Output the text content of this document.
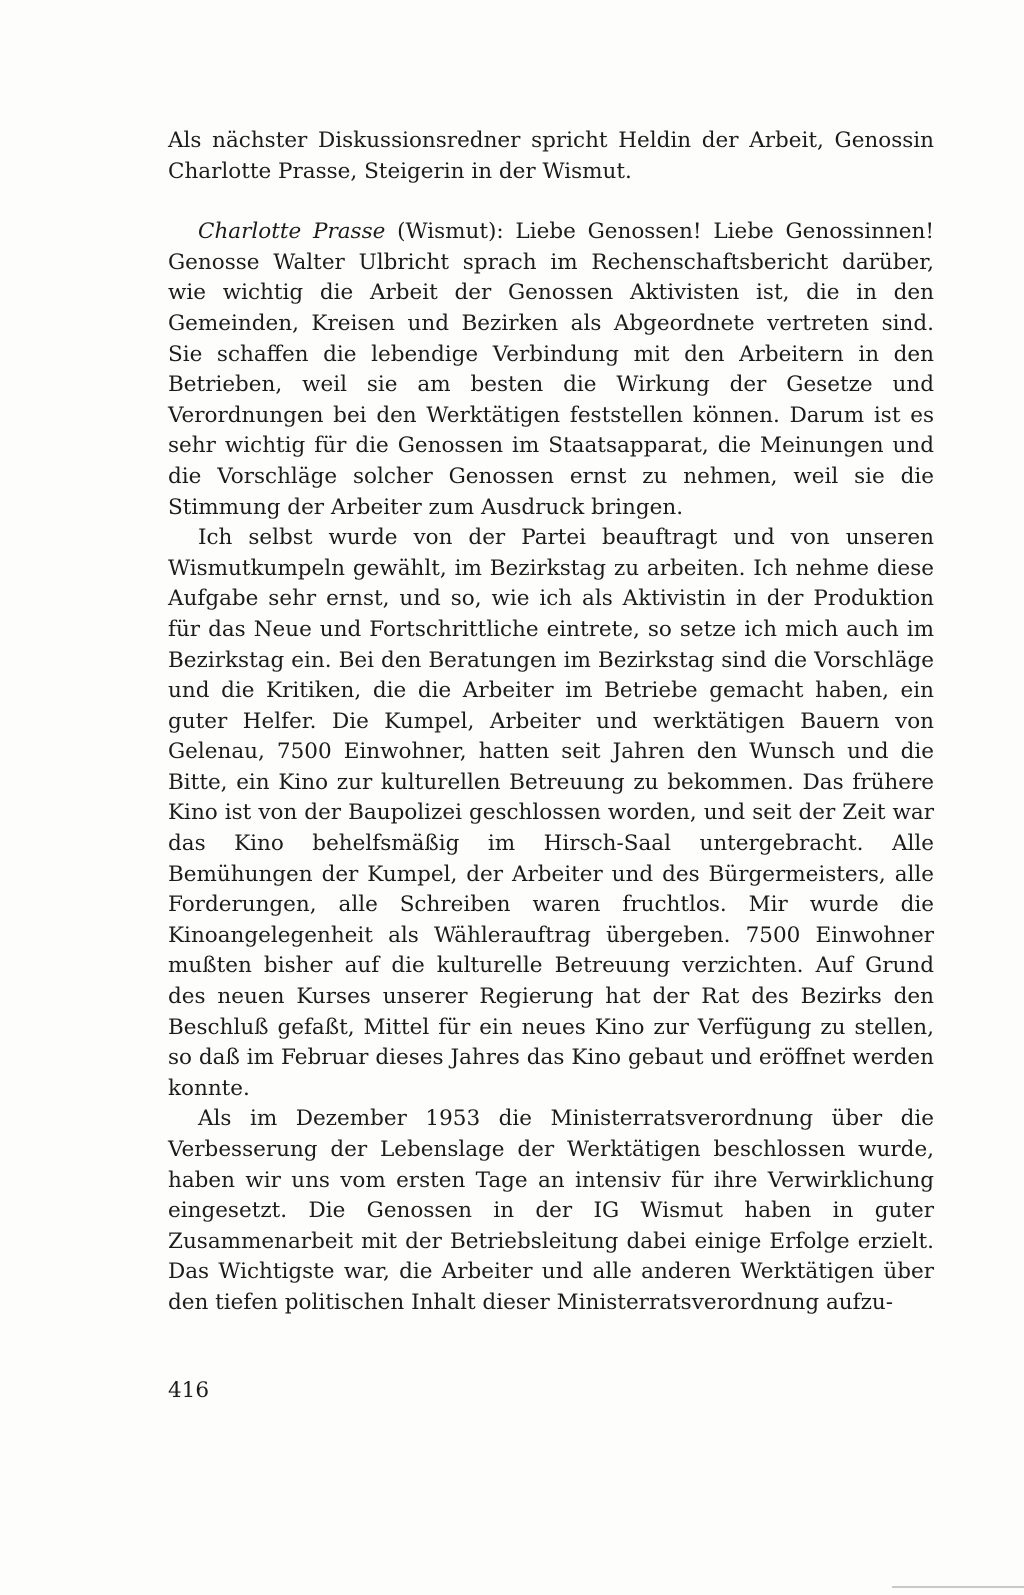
Als nächster Diskussionsredner spricht Heldin der Arbeit, Genossin Charlotte Prasse, Steigerin in der Wismut.

Charlotte Prasse (Wismut): Liebe Genossen! Liebe Genossinnen! Genosse Walter Ulbricht sprach im Rechenschaftsbericht darüber, wie wichtig die Arbeit der Genossen Aktivisten ist, die in den Gemeinden, Kreisen und Bezirken als Abgeordnete vertreten sind. Sie schaffen die lebendige Verbindung mit den Arbeitern in den Betrieben, weil sie am besten die Wirkung der Gesetze und Verordnungen bei den Werktätigen feststellen können. Darum ist es sehr wichtig für die Genossen im Staatsapparat, die Meinungen und die Vorschläge solcher Genossen ernst zu nehmen, weil sie die Stimmung der Arbeiter zum Ausdruck bringen.

Ich selbst wurde von der Partei beauftragt und von unseren Wismutkumpeln gewählt, im Bezirkstag zu arbeiten. Ich nehme diese Aufgabe sehr ernst, und so, wie ich als Aktivistin in der Produktion für das Neue und Fortschrittliche eintrete, so setze ich mich auch im Bezirkstag ein. Bei den Beratungen im Bezirkstag sind die Vorschläge und die Kritiken, die die Arbeiter im Betriebe gemacht haben, ein guter Helfer. Die Kumpel, Arbeiter und werktätigen Bauern von Gelenau, 7500 Einwohner, hatten seit Jahren den Wunsch und die Bitte, ein Kino zur kulturellen Betreuung zu bekommen. Das frühere Kino ist von der Baupolizei geschlossen worden, und seit der Zeit war das Kino behelfsmäßig im Hirsch-Saal untergebracht. Alle Bemühungen der Kumpel, der Arbeiter und des Bürgermeisters, alle Forderungen, alle Schreiben waren fruchtlos. Mir wurde die Kinoangelegenheit als Wählerauftrag übergeben. 7500 Einwohner mußten bisher auf die kulturelle Betreuung verzichten. Auf Grund des neuen Kurses unserer Regierung hat der Rat des Bezirks den Beschluß gefaßt, Mittel für ein neues Kino zur Verfügung zu stellen, so daß im Februar dieses Jahres das Kino gebaut und eröffnet werden konnte.

Als im Dezember 1953 die Ministerratsverordnung über die Verbesserung der Lebenslage der Werktätigen beschlossen wurde, haben wir uns vom ersten Tage an intensiv für ihre Verwirklichung eingesetzt. Die Genossen in der IG Wismut haben in guter Zusammenarbeit mit der Betriebsleitung dabei einige Erfolge erzielt. Das Wichtigste war, die Arbeiter und alle anderen Werktätigen über den tiefen politischen Inhalt dieser Ministerratsverordnung aufzu-

416
